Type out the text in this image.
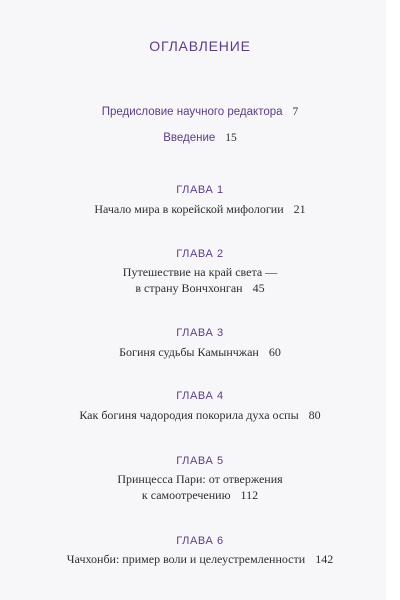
ОГЛАВЛЕНИЕ
Предисловие научного редактора 7
Введение 15
ГЛАВА 1
Начало мира в корейской мифологии 21
ГЛАВА 2
Путешествие на край света —
в страну Вончхонган 45
ГЛАВА 3
Богиня судьбы Камынчжан 60
ГЛАВА 4
Как богиня чадородия покорила духа оспы 80
ГЛАВА 5
Принцесса Пари: от отвержения
к самоотречению 112
ГЛАВА 6
Чачхонби: пример воли и целеустремленности 142
